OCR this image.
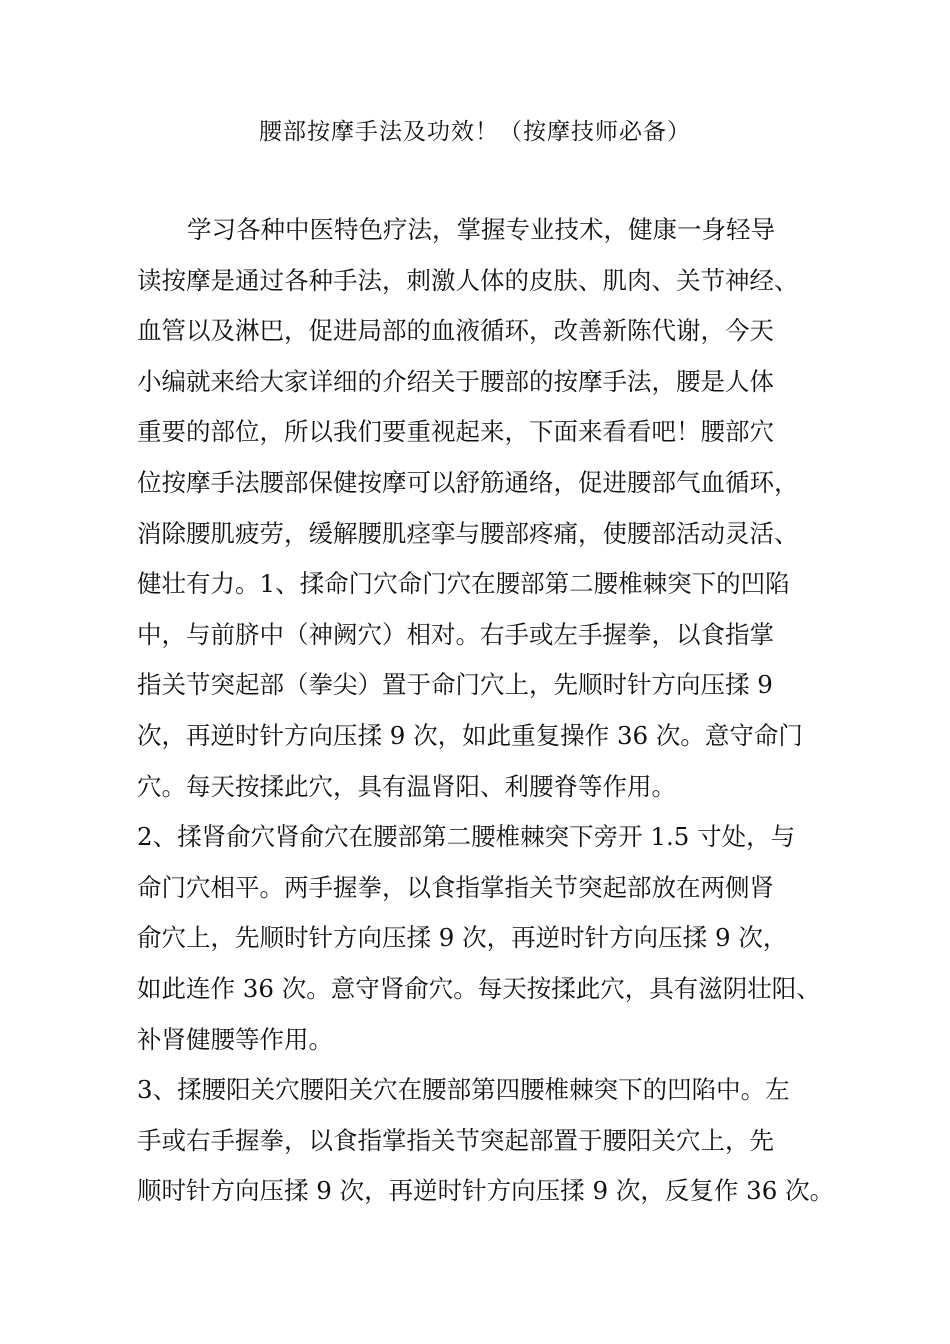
腰部按摩手法及功效！（按摩技师必备）
学习各种中医特色疗法，掌握专业技术，健康一身轻导
读按摩是通过各种手法，刺激人体的皮肤、肌肉、关节神经、
血管以及淋巴，促进局部的血液循环，改善新陈代谢，今天
小编就来给大家详细的介绍关于腰部的按摩手法，腰是人体
重要的部位，所以我们要重视起来，下面来看看吧！腰部穴
位按摩手法腰部保健按摩可以舒筋通络，促进腰部气血循环，
消除腰肌疲劳，缓解腰肌痉挛与腰部疼痛，使腰部活动灵活、
健壮有力。1、揉命门穴命门穴在腰部第二腰椎棘突下的凹陷
中，与前脐中（神阙穴）相对。右手或左手握拳，以食指掌
指关节突起部（拳尖）置于命门穴上，先顺时针方向压揉 9
次，再逆时针方向压揉 9 次，如此重复操作 36 次。意守命门
穴。每天按揉此穴，具有温肾阳、利腰脊等作用。
2、揉肾俞穴肾俞穴在腰部第二腰椎棘突下旁开 1.5 寸处，与
命门穴相平。两手握拳，以食指掌指关节突起部放在两侧肾
俞穴上，先顺时针方向压揉 9 次，再逆时针方向压揉 9 次，
如此连作 36 次。意守肾俞穴。每天按揉此穴，具有滋阴壮阳、
补肾健腰等作用。
3、揉腰阳关穴腰阳关穴在腰部第四腰椎棘突下的凹陷中。左
手或右手握拳，以食指掌指关节突起部置于腰阳关穴上，先
顺时针方向压揉 9 次，再逆时针方向压揉 9 次，反复作 36 次。
